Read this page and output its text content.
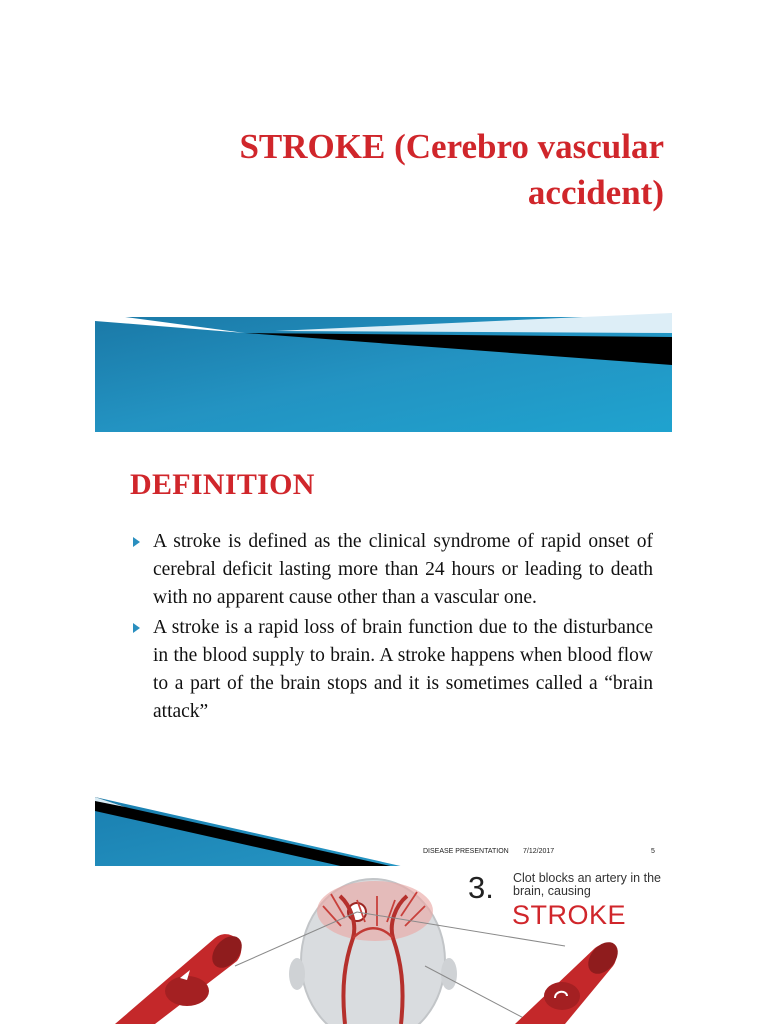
STROKE (Cerebro vascular
accident)
DEFINITION
A stroke is defined as the clinical syndrome of rapid onset of cerebral deficit lasting more than 24 hours or leading to death with no apparent cause other than a vascular one.
A stroke is a rapid loss of brain function due to the disturbance in the blood supply to brain. A stroke happens when blood flow to a part of the brain stops and it is sometimes called a “brain attack”
DISEASE PRESENTATION 7/12/2017	5
3. Clot blocks an artery in the brain, causing
STROKE
